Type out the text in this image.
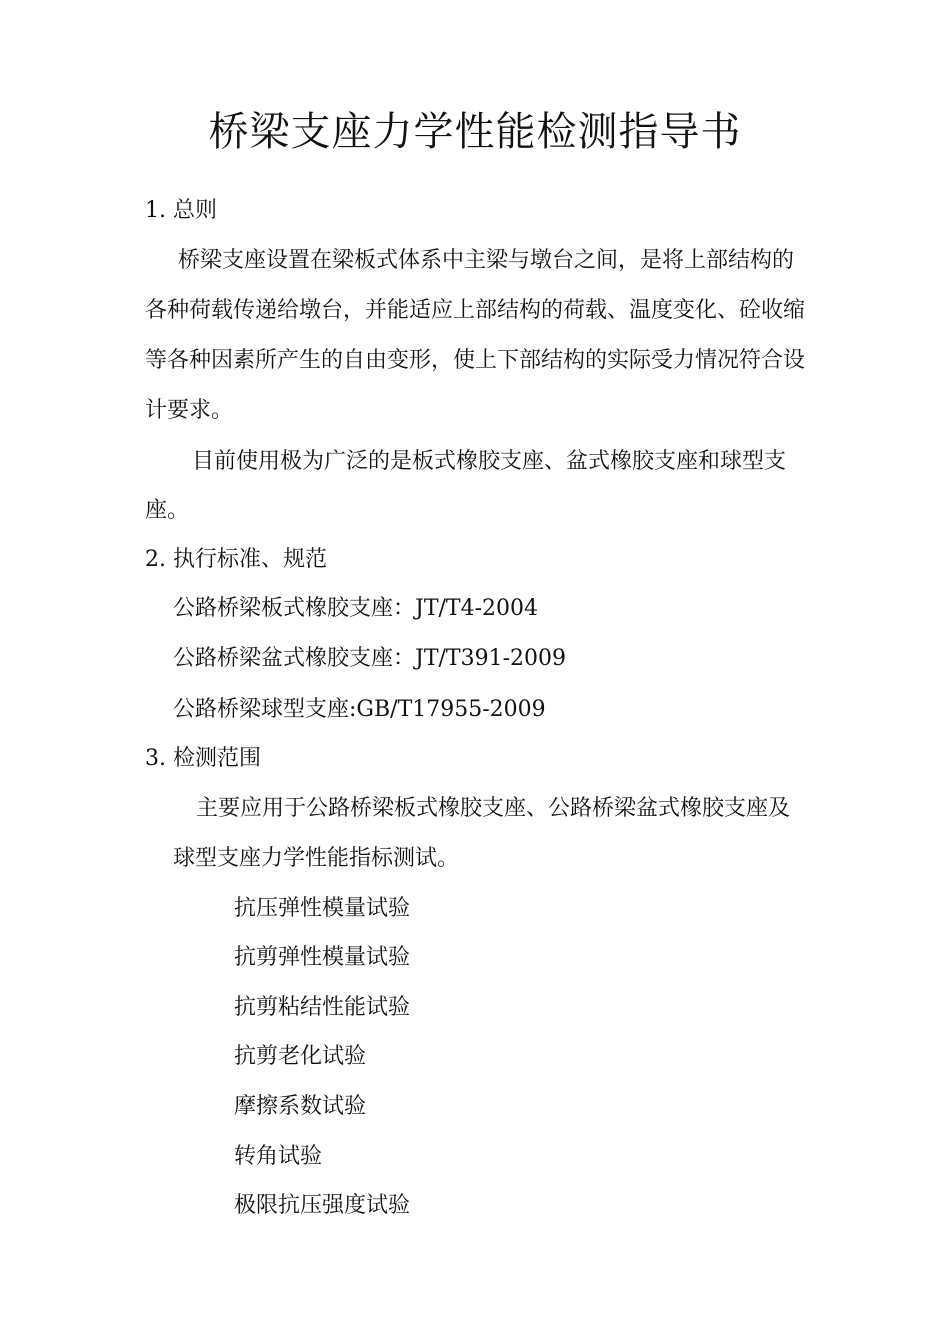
桥梁支座力学性能检测指导书

1. 总则

桥梁支座设置在梁板式体系中主梁与墩台之间，是将上部结构的

各种荷载传递给墩台，并能适应上部结构的荷载、温度变化、砼收缩

等各种因素所产生的自由变形，使上下部结构的实际受力情况符合设

计要求。

目前使用极为广泛的是板式橡胶支座、盆式橡胶支座和球型支

座。

2. 执行标准、规范

公路桥梁板式橡胶支座：JT/T4-2004

公路桥梁盆式橡胶支座：JT/T391-2009

公路桥梁球型支座:GB/T17955-2009

3. 检测范围

主要应用于公路桥梁板式橡胶支座、公路桥梁盆式橡胶支座及

球型支座力学性能指标测试。

抗压弹性模量试验

抗剪弹性模量试验

抗剪粘结性能试验

抗剪老化试验

摩擦系数试验

转角试验

极限抗压强度试验
